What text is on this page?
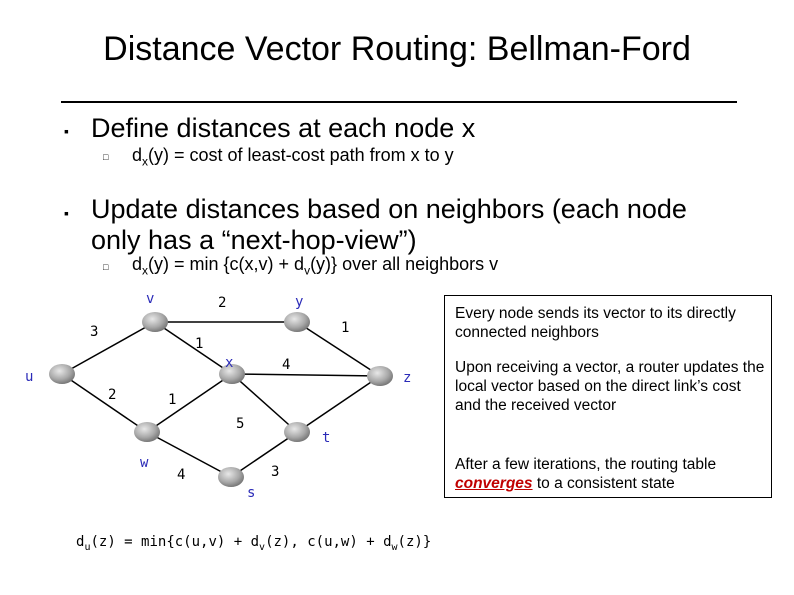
Distance Vector Routing: Bellman-Ford
▪ Define distances at each node x
□ $d_x(y) = \cos t$ of least-cost path from x to y
▪ Update distances based on neighbors (each node
only has a “next-hop-view”)
□ $d_x(y) = \min \{c(x,v) + d_v(y)\}$ over all neighbors v
v	y
u
x
z
w
t
s
2
3
1
1
4
2	1
5
4	3
Every node sends its vector to its directly connected neighbors
Upon receiving a vector, a router updates the local vector based on the direct link’s cost and the received vector
After a few iterations, the routing table converges to a consistent state
$d_u(z) = \min\{c(u,v) + d_v(z)$, $c(u,w) + d_w(z)$}
